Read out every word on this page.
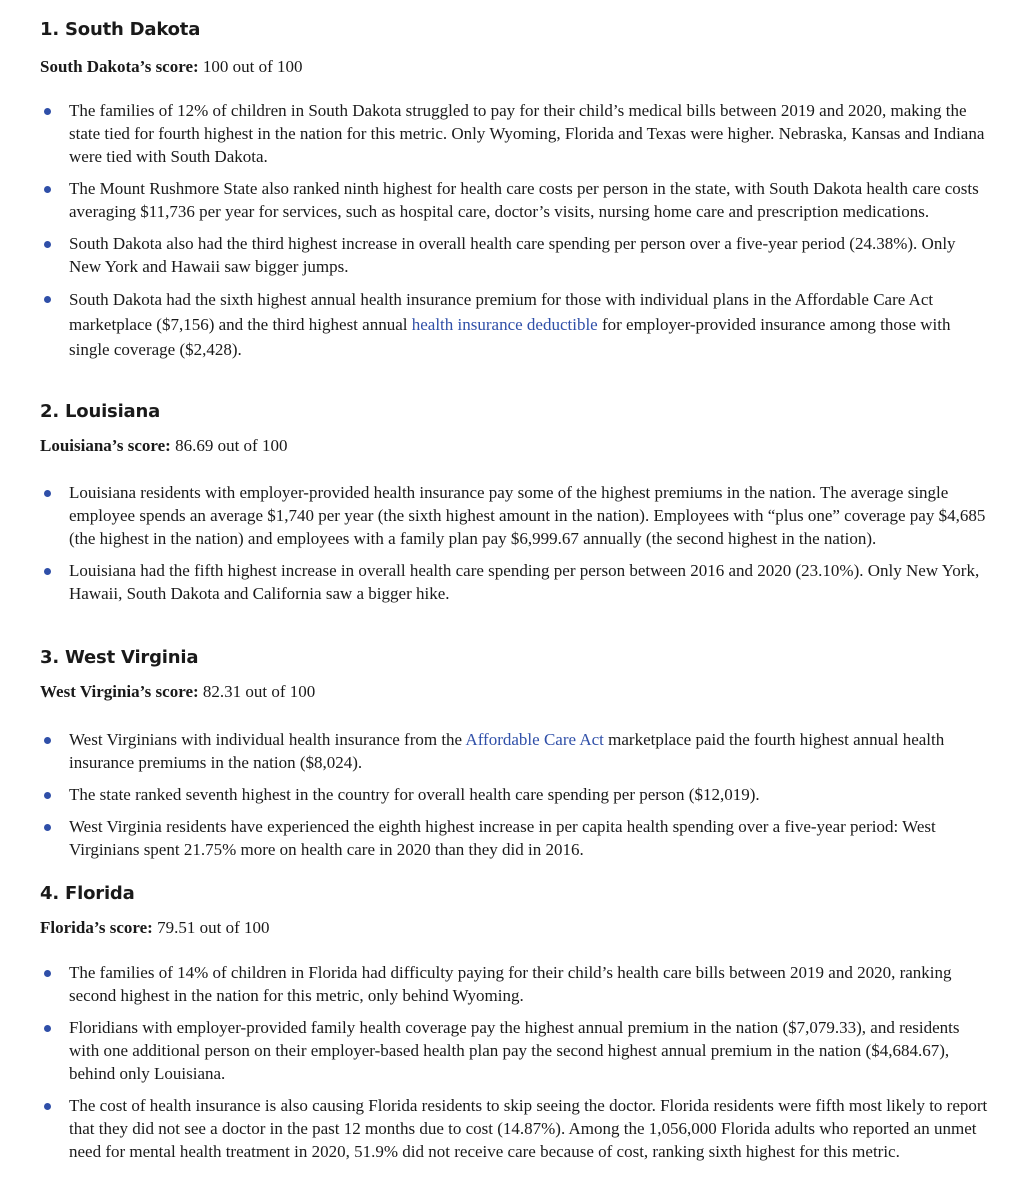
1. South Dakota

South Dakota’s score: 100 out of 100

The families of 12% of children in South Dakota struggled to pay for their child’s medical bills between 2019 and 2020, making the state tied for fourth highest in the nation for this metric. Only Wyoming, Florida and Texas were higher. Nebraska, Kansas and Indiana were tied with South Dakota.
The Mount Rushmore State also ranked ninth highest for health care costs per person in the state, with South Dakota health care costs averaging $11,736 per year for services, such as hospital care, doctor’s visits, nursing home care and prescription medications.
South Dakota also had the third highest increase in overall health care spending per person over a five-year period (24.38%). Only New York and Hawaii saw bigger jumps.
South Dakota had the sixth highest annual health insurance premium for those with individual plans in the Affordable Care Act marketplace ($7,156) and the third highest annual health insurance deductible for employer-provided insurance among those with single coverage ($2,428).
2. Louisiana

Louisiana’s score: 86.69 out of 100

Louisiana residents with employer-provided health insurance pay some of the highest premiums in the nation. The average single employee spends an average $1,740 per year (the sixth highest amount in the nation). Employees with “plus one” coverage pay $4,685 (the highest in the nation) and employees with a family plan pay $6,999.67 annually (the second highest in the nation).
Louisiana had the fifth highest increase in overall health care spending per person between 2016 and 2020 (23.10%). Only New York, Hawaii, South Dakota and California saw a bigger hike.
3. West Virginia

West Virginia’s score: 82.31 out of 100

West Virginians with individual health insurance from the Affordable Care Act marketplace paid the fourth highest annual health insurance premiums in the nation ($8,024).
The state ranked seventh highest in the country for overall health care spending per person ($12,019).
West Virginia residents have experienced the eighth highest increase in per capita health spending over a five-year period: West Virginians spent 21.75% more on health care in 2020 than they did in 2016.
4. Florida

Florida’s score: 79.51 out of 100

The families of 14% of children in Florida had difficulty paying for their child’s health care bills between 2019 and 2020, ranking second highest in the nation for this metric, only behind Wyoming.
Floridians with employer-provided family health coverage pay the highest annual premium in the nation ($7,079.33), and residents with one additional person on their employer-based health plan pay the second highest annual premium in the nation ($4,684.67), behind only Louisiana.
The cost of health insurance is also causing Florida residents to skip seeing the doctor. Florida residents were fifth most likely to report that they did not see a doctor in the past 12 months due to cost (14.87%). Among the 1,056,000 Florida adults who reported an unmet need for mental health treatment in 2020, 51.9% did not receive care because of cost, ranking sixth highest for this metric.
